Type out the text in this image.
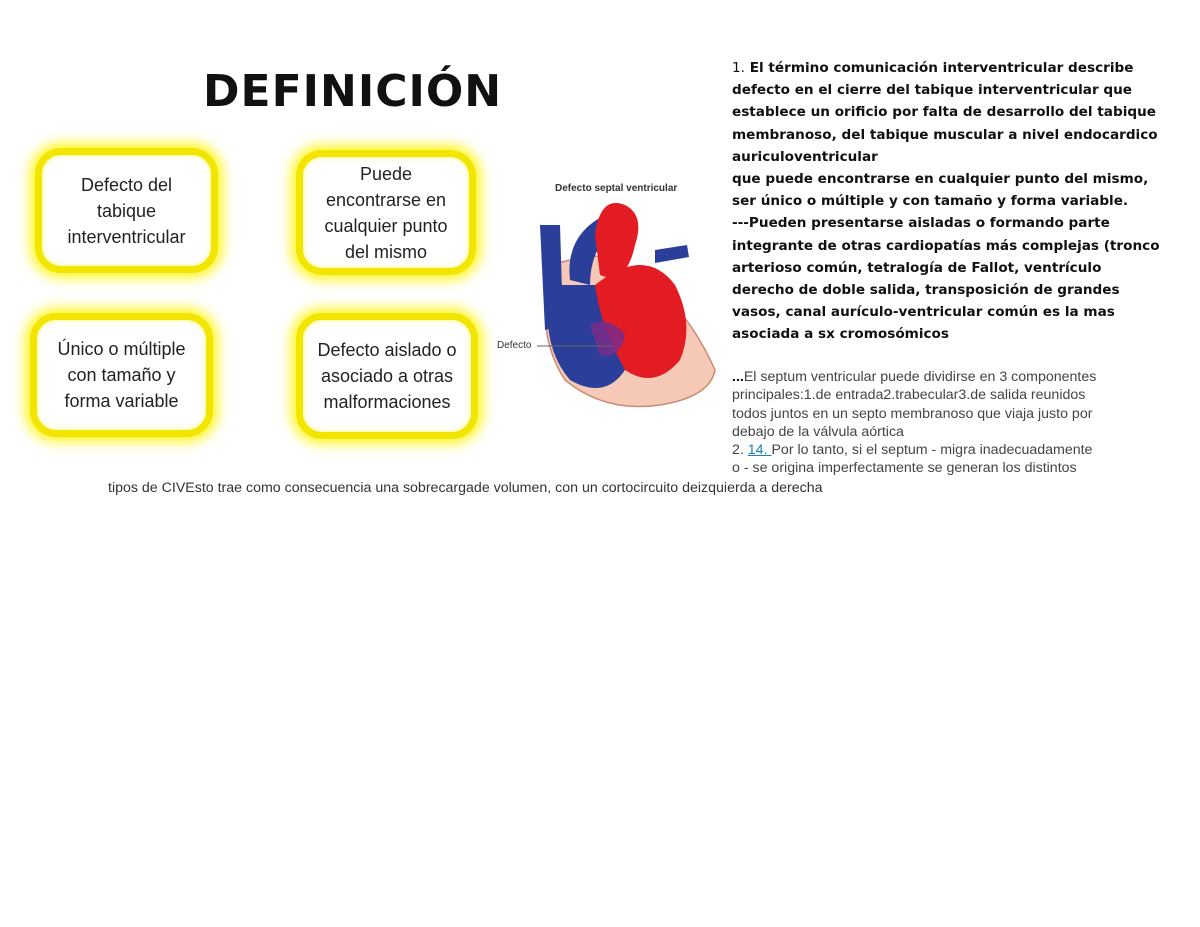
DEFINICIÓN
Defecto del
tabique
interventricular
Puede
encontrarse en
cualquier punto
del mismo
Único o múltiple
con tamaño y
forma variable
Defecto aislado o
asociado a otras
malformaciones
Defecto septal ventricular
Defecto
1. El término comunicación interventricular describe
defecto en el cierre del tabique interventricular que
establece un orificio por falta de desarrollo del tabique
membranoso, del tabique muscular a nivel endocardico
auriculoventricular
que puede encontrarse en cualquier punto del mismo,
ser único o múltiple y con tamaño y forma variable.
---Pueden presentarse aisladas o formando parte
integrante de otras cardiopatías más complejas (tronco
arterioso común, tetralogía de Fallot, ventrículo
derecho de doble salida, transposición de grandes
vasos, canal aurículo-ventricular común es la mas
asociada a sx cromosómicos
...El septum ventricular puede dividirse en 3 componentes
principales:1.de entrada2.trabecular3.de salida reunidos
todos juntos en un septo membranoso que viaja justo por
debajo de la válvula aórtica
2. 14. Por lo tanto, si el septum - migra inadecuadamente
o - se origina imperfectamente se generan los distintos
tipos de CIVEsto trae como consecuencia una sobrecargade volumen, con un cortocircuito deizquierda a derecha
